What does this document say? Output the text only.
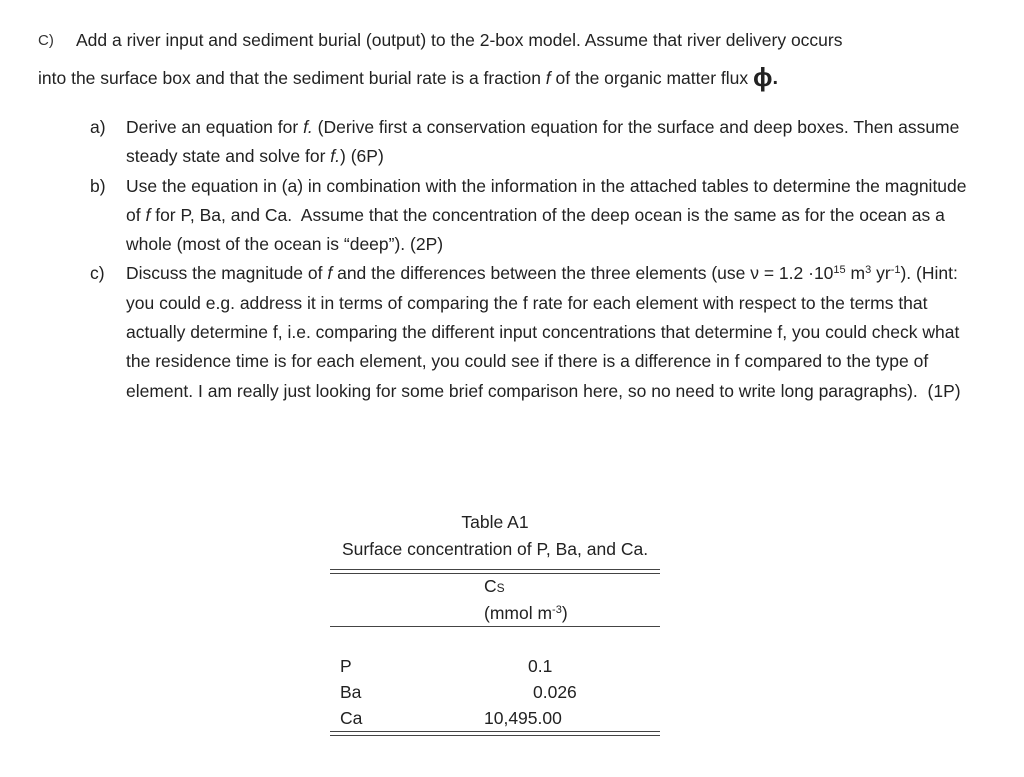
C)	Add a river input and sediment burial (output) to the 2-box model. Assume that river delivery occurs
into the surface box and that the sediment burial rate is a fraction f of the organic matter flux ϕ.
a) Derive an equation for f. (Derive first a conservation equation for the surface and deep boxes. Then assume steady state and solve for f.) (6P)
b) Use the equation in (a) in combination with the information in the attached tables to determine the magnitude of f for P, Ba, and Ca.  Assume that the concentration of the deep ocean is the same as for the ocean as a whole (most of the ocean is “deep”). (2P)
c) Discuss the magnitude of f and the differences between the three elements (use $\nu = 1.2 \cdot 10^{15}$ $m^3$ $yr^{-1}$). (Hint: you could e.g. address it in terms of comparing the f rate for each element with respect to the terms that actually determine f, i.e. comparing the different input concentrations that determine f, you could check what the residence time is for each element, you could see if there is a difference in f compared to the type of element. I am really just looking for some brief comparison here, so no need to write long paragraphs).  (1P)
Table A1
Surface concentration of P, Ba, and Ca.
CS
(mmol $m^{-3}$)
P	0.1
Ba	0.026
Ca	10,495.00
